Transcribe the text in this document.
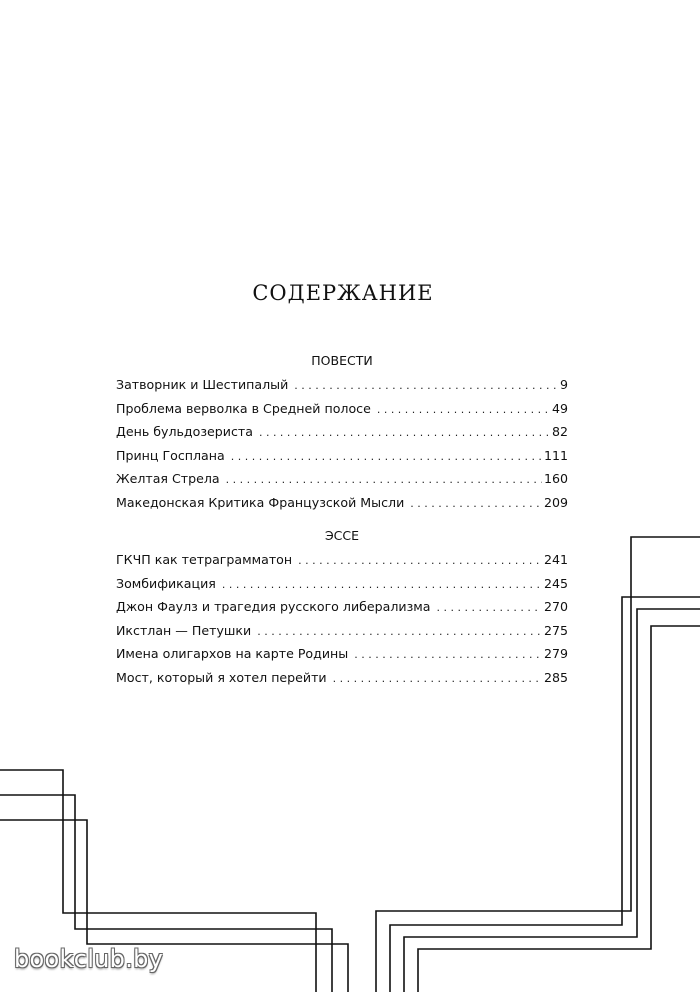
СОДЕРЖАНИЕ
ПОВЕСТИ
Затворник и Шестипалый . . .	9
Проблема верволка в Средней полосе . . .	49
День бульдозериста . . .	82
Принц Госплана . . .	111
Желтая Стрела . . .	160
Македонская Критика Французской Мысли . . .	209
ЭССЕ
ГКЧП как тетраграмматон . . .	241
Зомбификация . . .	245
Джон Фаулз и трагедия русского либерализма . . .	270
Икстлан — Петушки . . .	275
Имена олигархов на карте Родины . . .	279
Мост, который я хотел перейти . . .	285
bookclub.by
